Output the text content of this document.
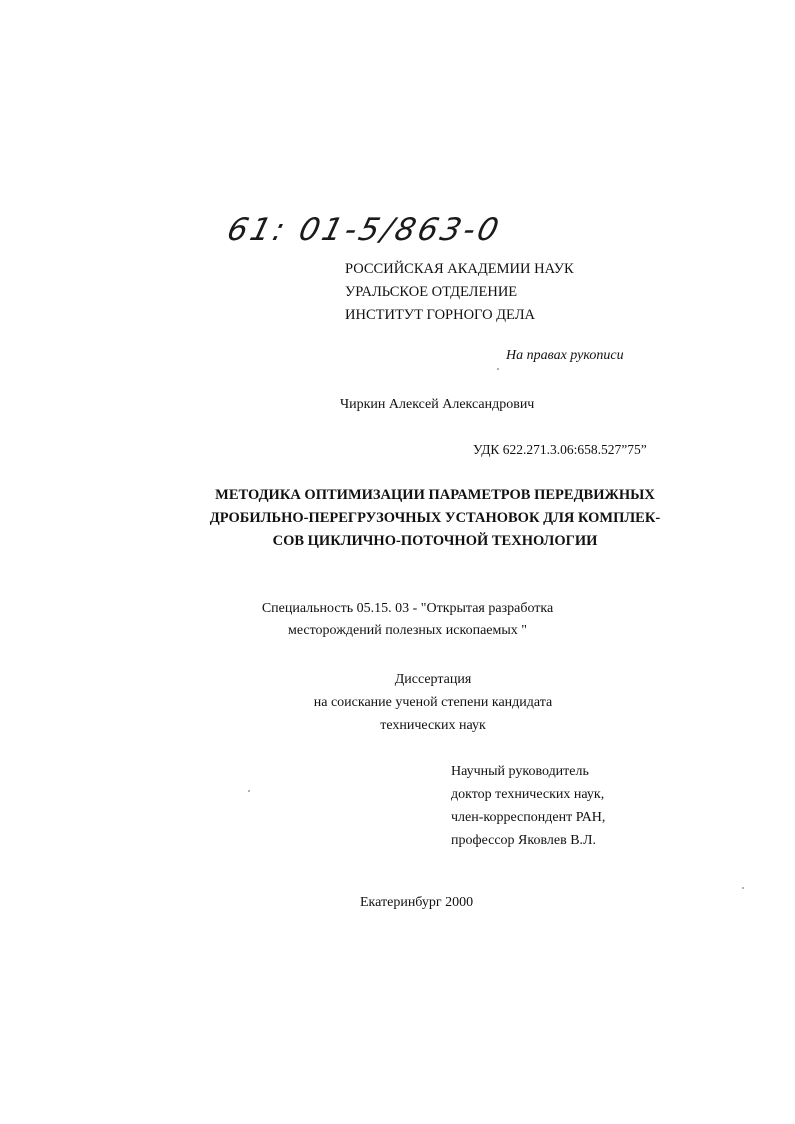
61: 01-5/863-0
РОССИЙСКАЯ АКАДЕМИИ НАУК
УРАЛЬСКОЕ ОТДЕЛЕНИЕ
ИНСТИТУТ ГОРНОГО ДЕЛА
На правах рукописи
Чиркин Алексей Александрович
УДК 622.271.3.06:658.527”75”
МЕТОДИКА ОПТИМИЗАЦИИ ПАРАМЕТРОВ ПЕРЕДВИЖНЫХ
ДРОБИЛЬНО-ПЕРЕГРУЗОЧНЫХ УСТАНОВОК ДЛЯ КОМПЛЕК-
СОВ ЦИКЛИЧНО-ПОТОЧНОЙ ТЕХНОЛОГИИ
Специальность 05.15. 03 - "Открытая разработка
месторождений полезных ископаемых "
Диссертация
на соискание ученой степени кандидата
технических наук
Научный руководитель
доктор технических наук,
член-корреспондент РАН,
профессор Яковлев В.Л.
Екатеринбург 2000
